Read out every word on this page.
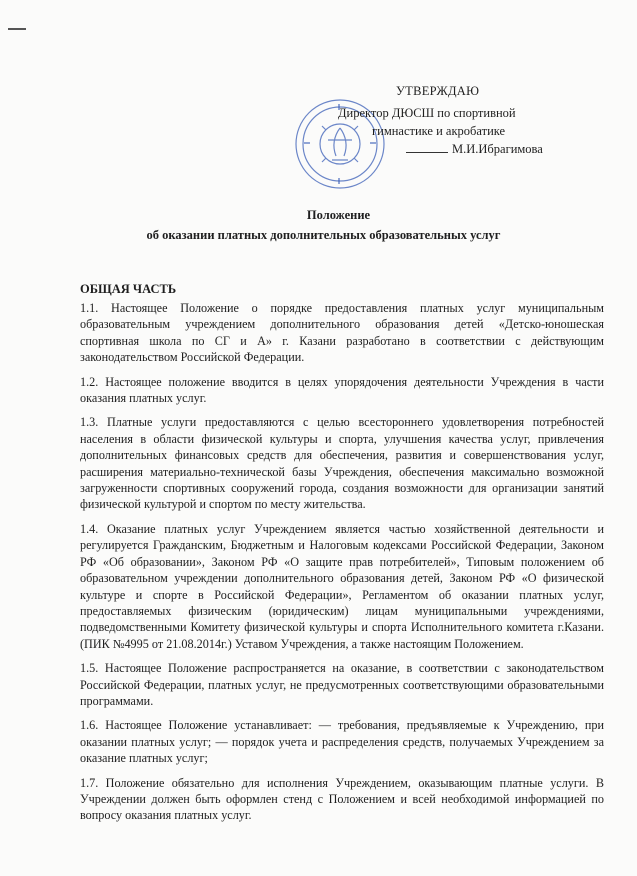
УТВЕРЖДАЮ
Директор ДЮСШ по спортивной
гимнастике и акробатике
М.И.Ибрагимова
Положение
об оказании платных дополнительных образовательных услуг
ОБЩАЯ ЧАСТЬ

1.1. Настоящее Положение о порядке предоставления платных услуг муниципальным образовательным учреждением дополнительного образования детей «Детско-юношеская спортивная школа по СГ и А» г. Казани разработано в соответствии с действующим законодательством Российской Федерации.

1.2. Настоящее положение вводится в целях упорядочения деятельности Учреждения в части оказания платных услуг.

1.3. Платные услуги предоставляются с целью всестороннего удовлетворения потребностей населения в области физической культуры и спорта, улучшения качества услуг, привлечения дополнительных финансовых средств для обеспечения, развития и совершенствования услуг, расширения материально-технической базы Учреждения, обеспечения максимально возможной загруженности спортивных сооружений города, создания возможности для организации занятий физической культурой и спортом по месту жительства.

1.4. Оказание платных услуг Учреждением является частью хозяйственной деятельности и регулируется Гражданским, Бюджетным и Налоговым кодексами Российской Федерации, Законом РФ «Об образовании», Законом РФ «О защите прав потребителей», Типовым положением об образовательном учреждении дополнительного образования детей, Законом РФ «О физической культуре и спорте в Российской Федерации», Регламентом об оказании платных услуг, предоставляемых физическим (юридическим) лицам муниципальными учреждениями, подведомственными Комитету физической культуры и спорта Исполнительного комитета г.Казани. (ПИК №4995 от 21.08.2014г.) Уставом Учреждения, а также настоящим Положением.

1.5. Настоящее Положение распространяется на оказание, в соответствии с законодательством Российской Федерации, платных услуг, не предусмотренных соответствующими образовательными программами.

1.6. Настоящее Положение устанавливает: — требования, предъявляемые к Учреждению, при оказании платных услуг; — порядок учета и распределения средств, получаемых Учреждением за оказание платных услуг;

1.7. Положение обязательно для исполнения Учреждением, оказывающим платные услуги. В Учреждении должен быть оформлен стенд с Положением и всей необходимой информацией по вопросу оказания платных услуг.
